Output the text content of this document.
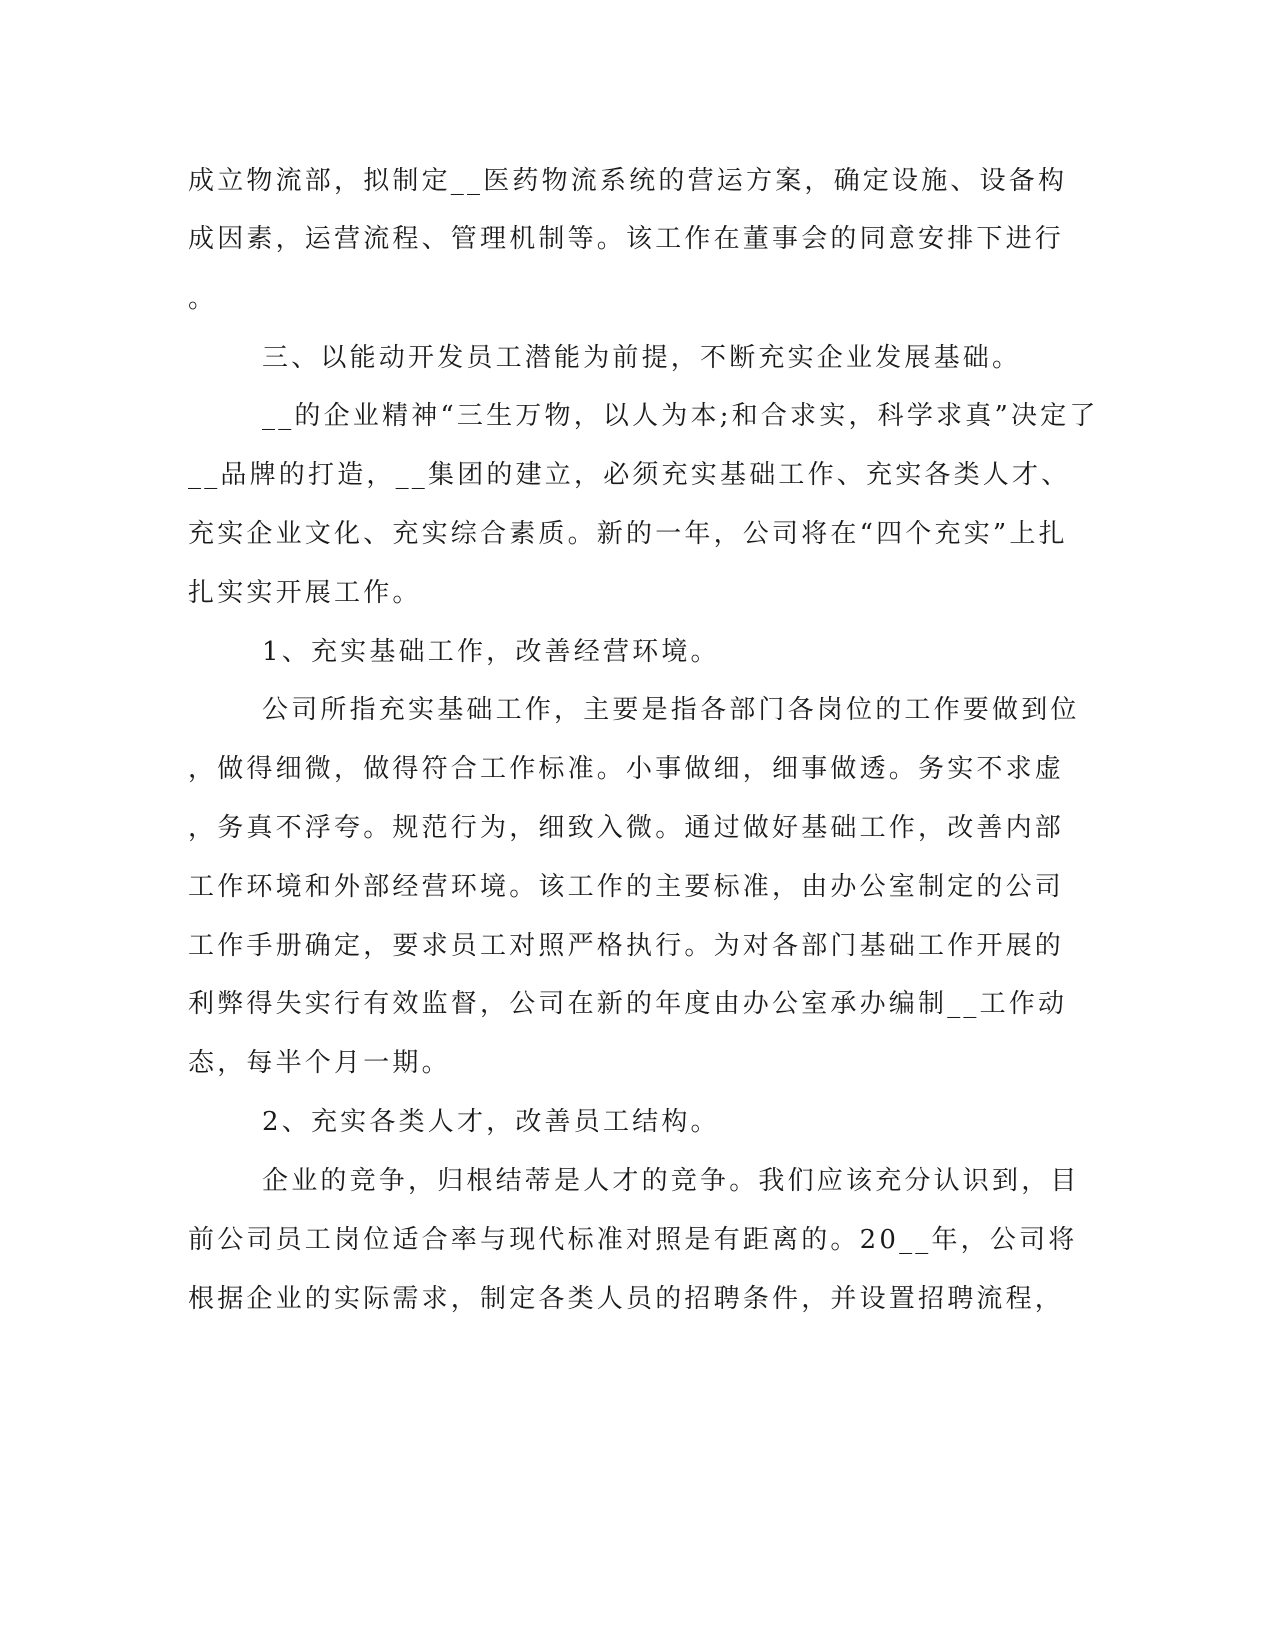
成立物流部，拟制定__医药物流系统的营运方案，确定设施、设备构
成因素，运营流程、管理机制等。该工作在董事会的同意安排下进行
。
三、以能动开发员工潜能为前提，不断充实企业发展基础。
__的企业精神“三生万物，以人为本;和合求实，科学求真”决定了
__品牌的打造，__集团的建立，必须充实基础工作、充实各类人才、
充实企业文化、充实综合素质。新的一年，公司将在“四个充实”上扎
扎实实开展工作。
1、充实基础工作，改善经营环境。
公司所指充实基础工作，主要是指各部门各岗位的工作要做到位
，做得细微，做得符合工作标准。小事做细，细事做透。务实不求虚
，务真不浮夸。规范行为，细致入微。通过做好基础工作，改善内部
工作环境和外部经营环境。该工作的主要标准，由办公室制定的公司
工作手册确定，要求员工对照严格执行。为对各部门基础工作开展的
利弊得失实行有效监督，公司在新的年度由办公室承办编制__工作动
态，每半个月一期。
2、充实各类人才，改善员工结构。
企业的竞争，归根结蒂是人才的竞争。我们应该充分认识到，目
前公司员工岗位适合率与现代标准对照是有距离的。20__年，公司将
根据企业的实际需求，制定各类人员的招聘条件，并设置招聘流程，
